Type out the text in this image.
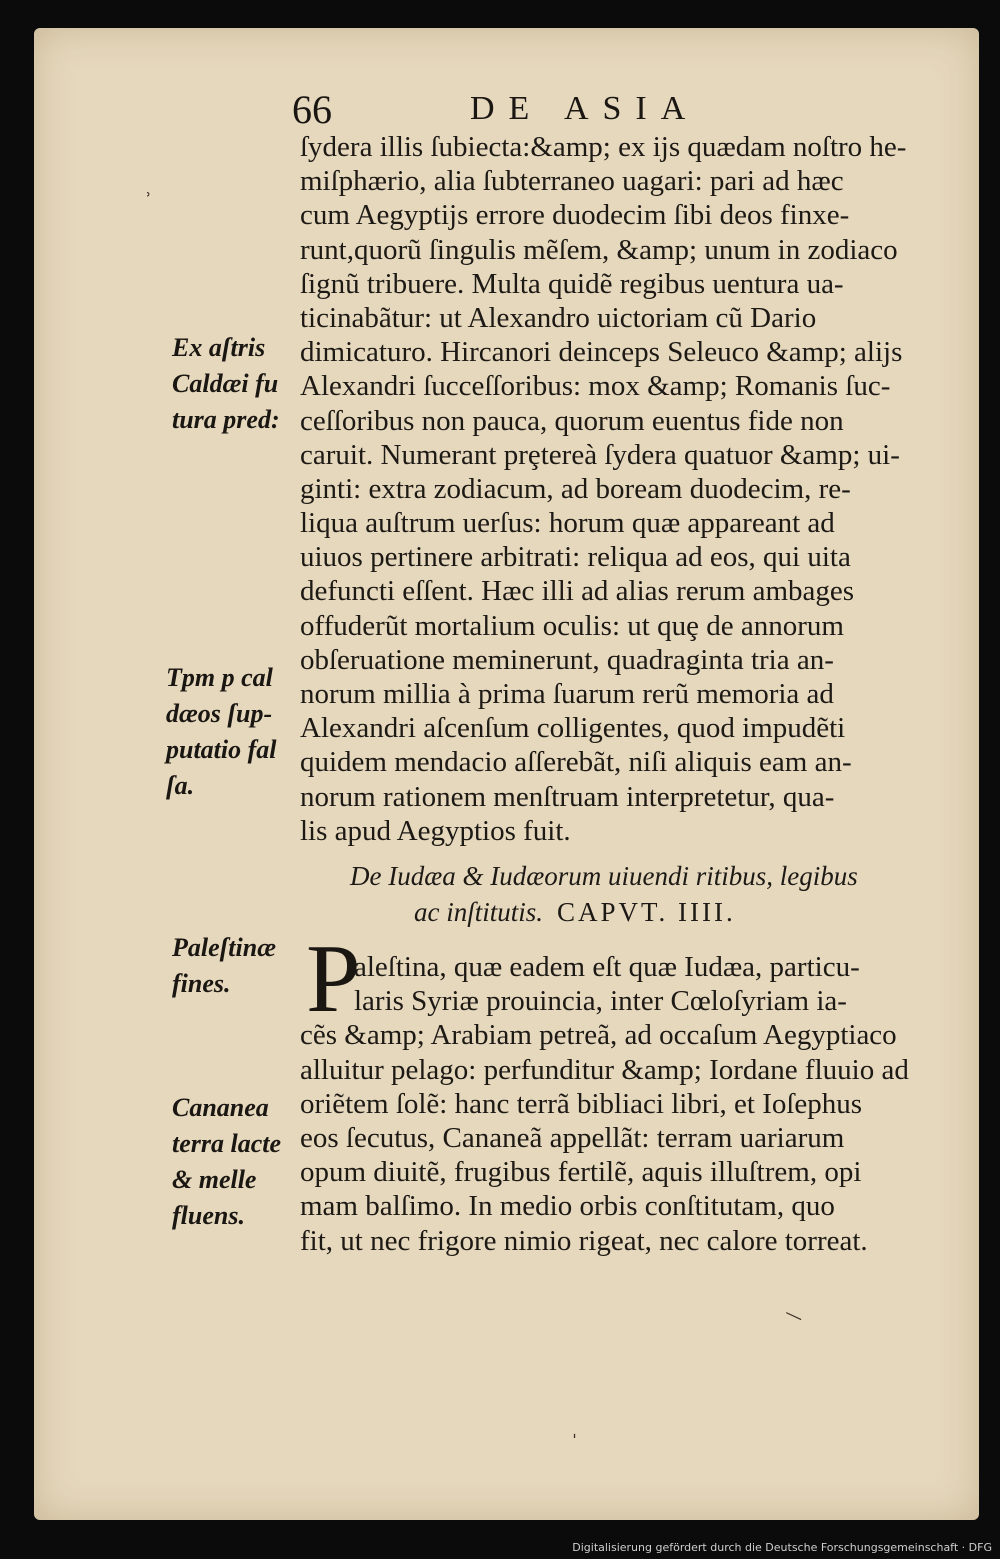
66	DE ASIA
ſydera illis ſubiecta:&amp; ex ijs quædam noſtro he-
miſphærio, alia ſubterraneo uagari: pari ad hæc
cum Aegyptijs errore duodecim ſibi deos finxe-
runt,quorũ ſingulis mẽſem, &amp; unum in zodiaco
ſignũ tribuere. Multa quidẽ regibus uentura ua-
ticinabãtur: ut Alexandro uictoriam cũ Dario
dimicaturo. Hircanori deinceps Seleuco &amp; alijs
Alexandri ſucceſſoribus: mox &amp; Romanis ſuc-
ceſſoribus non pauca, quorum euentus fide non
caruit. Numerant prȩtereà ſydera quatuor &amp; ui-
ginti: extra zodiacum, ad boream duodecim, re-
liqua auſtrum uerſus: horum quæ appareant ad
uiuos pertinere arbitrati: reliqua ad eos, qui uita
defuncti eſſent. Hæc illi ad alias rerum ambages
offuderũt mortalium oculis: ut quȩ de annorum
obſeruatione meminerunt, quadraginta tria an-
norum millia à prima ſuarum rerũ memoria ad
Alexandri aſcenſum colligentes, quod impudẽti
quidem mendacio aſſerebãt, niſi aliquis eam an-
norum rationem menſtruam interpretetur, qua-
lis apud Aegyptios fuit.
De Iudæa & Iudæorum uiuendi ritibus, legibus
ac inſtitutis. CAPVT. IIII.
P
aleſtina, quæ eadem eſt quæ Iudæa, particu-
laris Syriæ prouincia, inter Cœloſyriam ia-
cẽs &amp; Arabiam petreã, ad occaſum Aegyptiaco
alluitur pelago: perfunditur &amp; Iordane fluuio ad
oriẽtem ſolẽ: hanc terrã bibliaci libri, et Ioſephus
eos ſecutus, Cananeã appellãt: terram uariarum
opum diuitẽ, frugibus fertilẽ, aquis illuſtrem, opi
mam balſimo. In medio orbis conſtitutam, quo
fit, ut nec frigore nimio rigeat, nec calore torreat.
Ex aſtris
Caldæi fu
tura pred:
Tpm p cal
dæos ſup-
putatio fal
ſa.
Paleſtinæ
fines.
Cananea
terra lacte
& melle
fluens.
˒
—
ˌ
Digitalisierung gefördert durch die Deutsche Forschungsgemeinschaft · DFG
